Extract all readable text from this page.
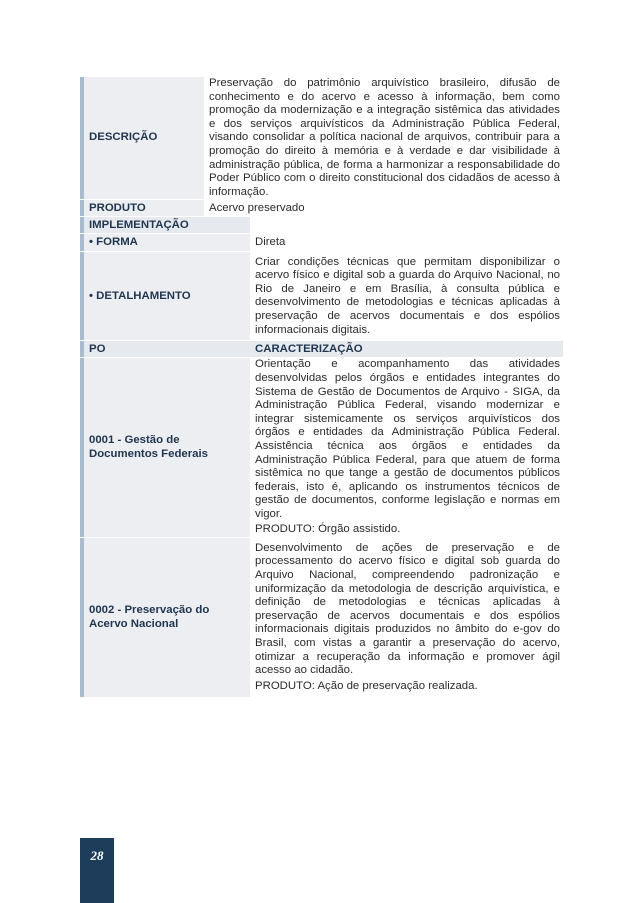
	DESCRIÇÃO	Preservação do patrimônio arquivístico brasileiro, difusão de conhecimento e do acervo e acesso à informação, bem como promoção da modernização e a integração sistêmica das atividades e dos serviços arquivísticos da Administração Pública Federal, visando consolidar a política nacional de arquivos, contribuir para a promoção do direito à memória e à verdade e dar visibilidade à administração pública, de forma a harmonizar a responsabilidade do Poder Público com o direito constitucional dos cidadãos de acesso à informação.	
	PRODUTO	Acervo preservado	
	IMPLEMENTAÇÃO		
	• FORMA		Direta
	• DETALHAMENTO		Criar condições técnicas que permitam disponibilizar o acervo físico e digital sob a guarda do Arquivo Nacional, no Rio de Janeiro e em Brasília, à consulta pública e desenvolvimento de metodologias e técnicas aplicadas à preservação de acervos documentais e dos espólios informacionais digitais.
	PO		CARACTERIZAÇÃO
	0001 - Gestão de Documentos Federais		Orientação e acompanhamento das atividades desenvolvidas pelos órgãos e entidades integrantes do Sistema de Gestão de Documentos de Arquivo - SIGA, da Administração Pública Federal, visando modernizar e integrar sistemicamente os serviços arquivísticos dos órgãos e entidades da Administração Pública Federal. Assistência técnica aos órgãos e entidades da Administração Pública Federal, para que atuem de forma sistêmica no que tange a gestão de documentos públicos federais, isto é, aplicando os instrumentos técnicos de gestão de documentos, conforme legislação e normas em vigor.

PRODUTO: Órgão assistido.

	0002 - Preservação do Acervo Nacional		Desenvolvimento de ações de preservação e de processamento do acervo físico e digital sob guarda do Arquivo Nacional, compreendendo padronização e uniformização da metodologia de descrição arquivística, e definição de metodologias e técnicas aplicadas à preservação de acervos documentais e dos espólios informacionais digitais produzidos no âmbito do e-gov do Brasil, com vistas a garantir a preservação do acervo, otimizar a recuperação da informação e promover ágil acesso ao cidadão.

PRODUTO: Ação de preservação realizada.

28
